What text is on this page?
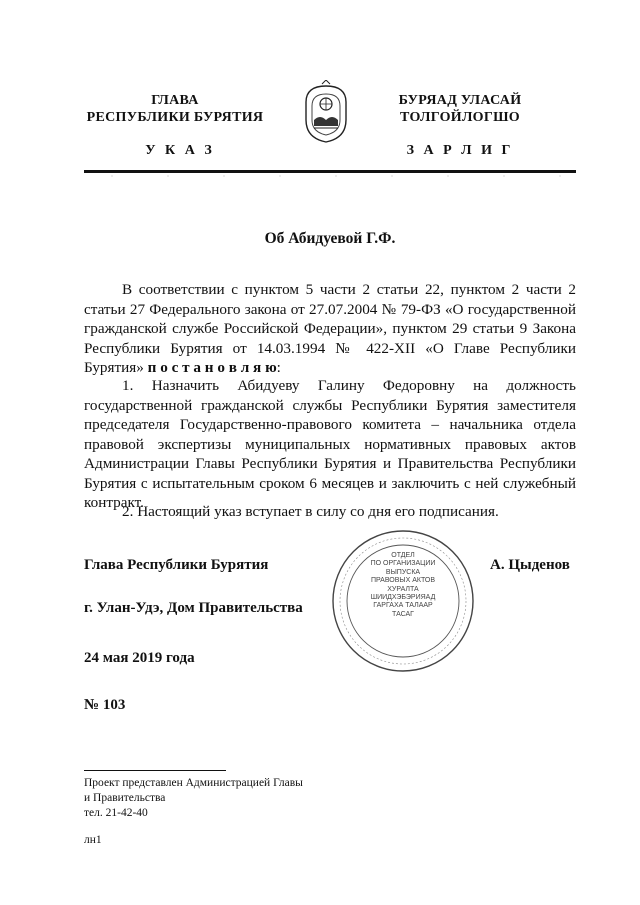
ГЛАВА
РЕСПУБЛИКИ БУРЯТИЯ
БУРЯАД УЛАСАЙ
ТОЛГОЙЛОГШО
У К А З	З А Р Л И Г
Об Абидуевой Г.Ф.
В соответствии с пунктом 5 части 2 статьи 22, пунктом 2 части 2 статьи 27 Федерального закона от 27.07.2004 № 79-ФЗ «О государственной гражданской службе Российской Федерации», пунктом 29 статьи 9 Закона Республики Бурятия от 14.03.1994 № 422-XII «О Главе Республики Бурятия» п о с т а н о в л я ю:
1. Назначить Абидуеву Галину Федоровну на должность государственной гражданской службы Республики Бурятия заместителя председателя Государственно-правового комитета – начальника отдела правовой экспертизы муниципальных нормативных правовых актов Администрации Главы Республики Бурятия и Правительства Республики Бурятия с испытательным сроком 6 месяцев и заключить с ней служебный контракт.
2. Настоящий указ вступает в силу со дня его подписания.
Глава Республики Бурятия	А. Цыденов
ОТДЕЛ
ПО ОРГАНИЗАЦИИ
ВЫПУСКА
ПРАВОВЫХ АКТОВ
ХУРАЛТА
ШИИДХЭБЭРИЯАД
ГАРГАХА ТАЛААР
ТАСАГ
г. Улан-Удэ, Дом Правительства
24 мая 2019 года
№ 103
Проект представлен Администрацией Главы
и Правительства
тел. 21-42-40
лн1
